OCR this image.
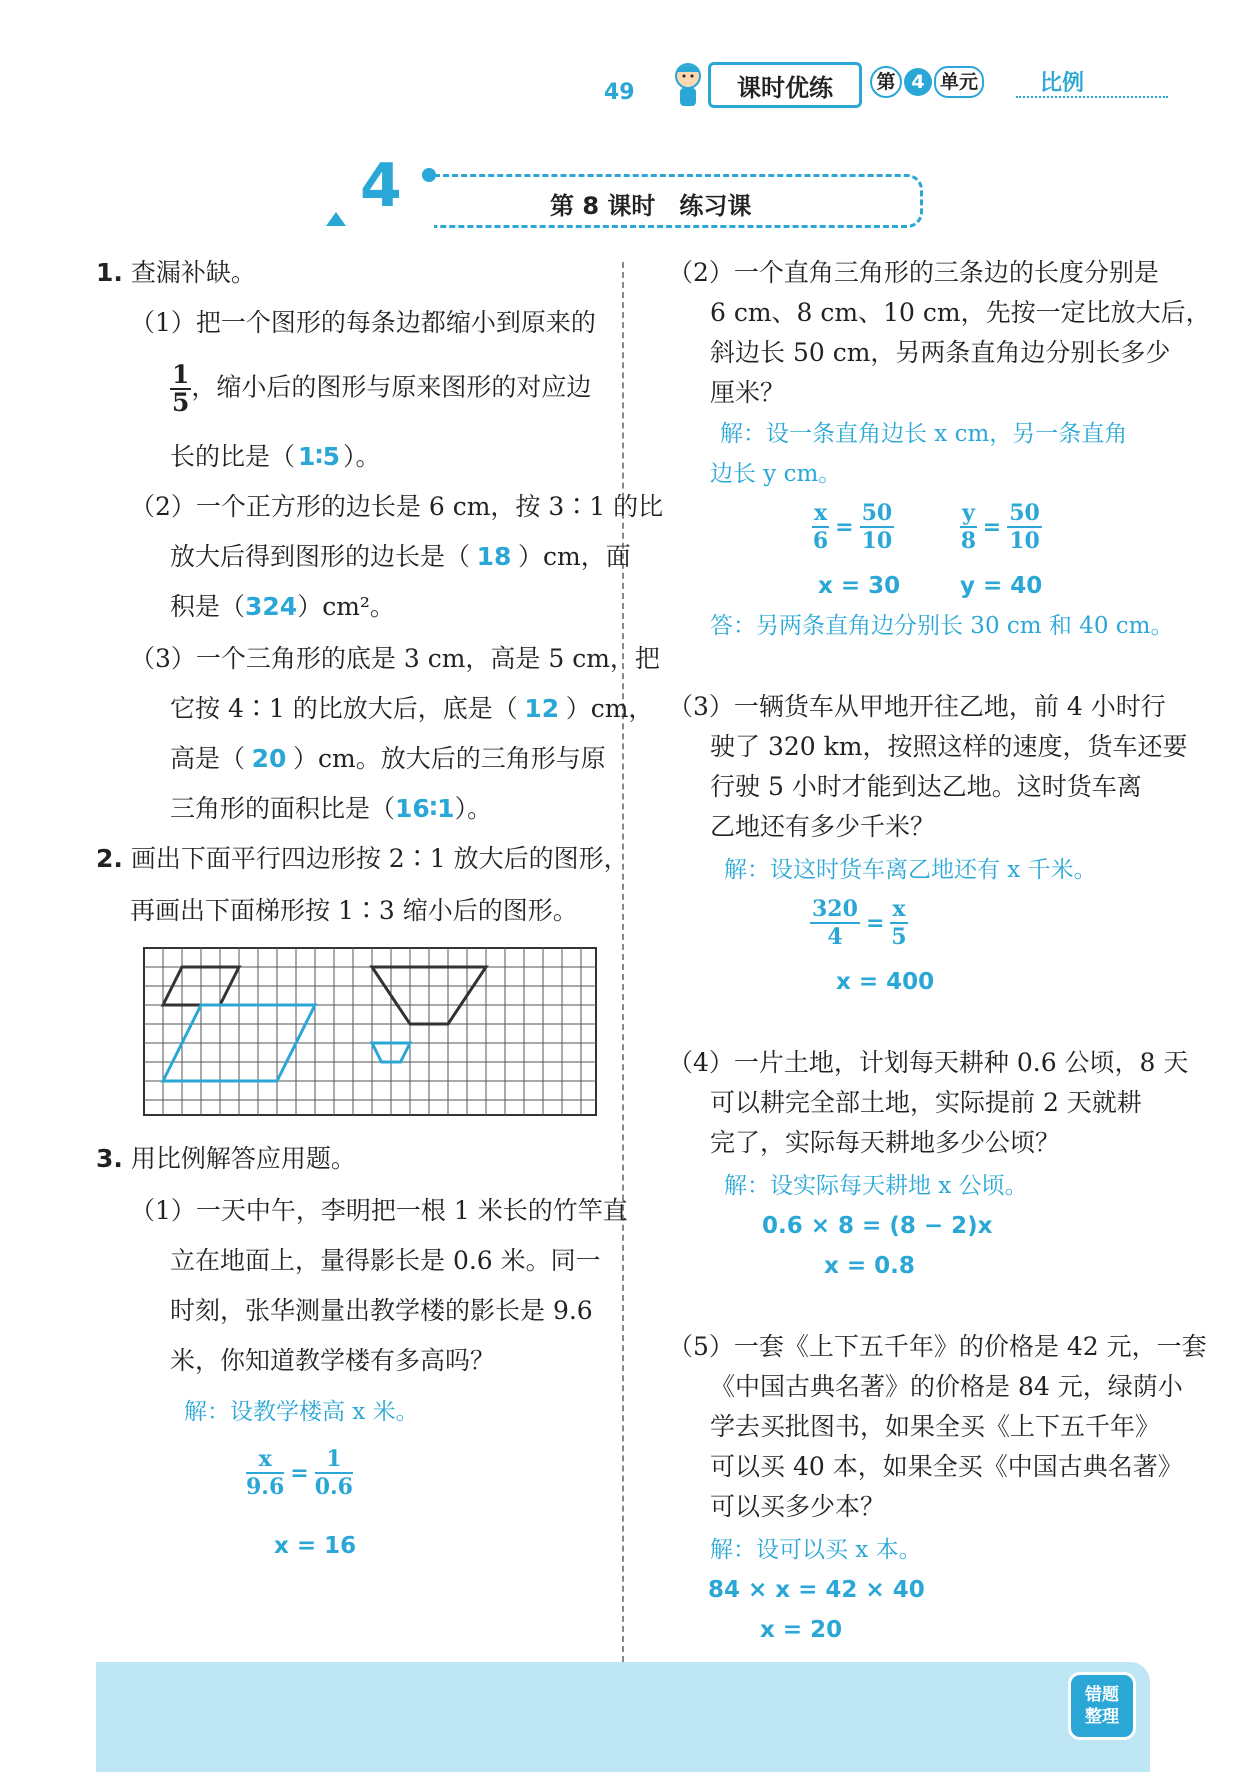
49	课时优练	第 4 单元	比例
4	第 8 课时　练习课
1. 查漏补缺。
（1）把一个图形的每条边都缩小到原来的
$\frac{1}{5}$ ，缩小后的图形与原来图形的对应边
长的比是（ 1∶5 ）。
（2）一个正方形的边长是 6 cm，按 3∶1 的比
放大后得到图形的边长是（ 18 ）cm，面
积是（324）cm²。
（3）一个三角形的底是 3 cm，高是 5 cm，把
它按 4∶1 的比放大后，底是（ 12 ）cm，
高是（ 20 ）cm。放大后的三角形与原
三角形的面积比是（16∶1）。
2. 画出下面平行四边形按 2∶1 放大后的图形，
再画出下面梯形按 1∶3 缩小后的图形。
3. 用比例解答应用题。
（1）一天中午，李明把一根 1 米长的竹竿直
立在地面上，量得影长是 0.6 米。同一
时刻，张华测量出教学楼的影长是 9.6
米，你知道教学楼有多高吗？
解：设教学楼高 x 米。
$\frac{x}{9.6} = \frac{1}{0.6}$
x = 16
（2）一个直角三角形的三条边的长度分别是
6 cm、8 cm、10 cm，先按一定比放大后，
斜边长 50 cm，另两条直角边分别长多少
厘米？
解：设一条直角边长 x cm，另一条直角
边长 y cm。
$\frac{x}{6} = \frac{50}{10}$	$\frac{y}{8} = \frac{50}{10}$
x = 30	y = 40
答：另两条直角边分别长 30 cm 和 40 cm。
（3）一辆货车从甲地开往乙地，前 4 小时行
驶了 320 km，按照这样的速度，货车还要
行驶 5 小时才能到达乙地。这时货车离
乙地还有多少千米？
解：设这时货车离乙地还有 x 千米。
$\frac{320}{4} = \frac{x}{5}$
x = 400
（4）一片土地，计划每天耕种 0.6 公顷，8 天
可以耕完全部土地，实际提前 2 天就耕
完了，实际每天耕地多少公顷？
解：设实际每天耕地 x 公顷。
0.6 × 8 = (8 − 2)x
x = 0.8
（5）一套《上下五千年》的价格是 42 元，一套
《中国古典名著》的价格是 84 元，绿荫小
学去买批图书，如果全买《上下五千年》
可以买 40 本，如果全买《中国古典名著》
可以买多少本？
解：设可以买 x 本。
84 × x = 42 × 40
x = 20
错题
整理
